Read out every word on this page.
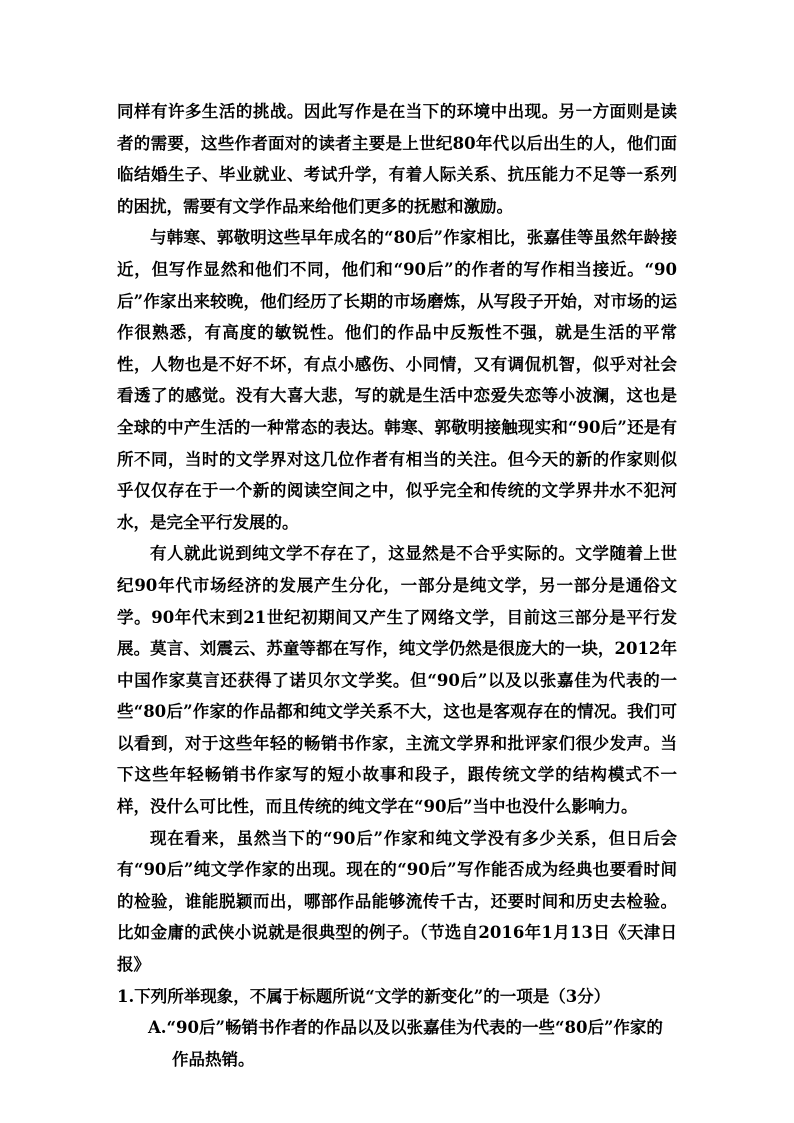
同样有许多生活的挑战。因此写作是在当下的环境中出现。另一方面则是读者的需要，这些作者面对的读者主要是上世纪80年代以后出生的人，他们面临结婚生子、毕业就业、考试升学，有着人际关系、抗压能力不足等一系列的困扰，需要有文学作品来给他们更多的抚慰和激励。

与韩寒、郭敬明这些早年成名的“80后”作家相比，张嘉佳等虽然年龄接近，但写作显然和他们不同，他们和“90后”的作者的写作相当接近。“90后”作家出来较晚，他们经历了长期的市场磨炼，从写段子开始，对市场的运作很熟悉，有高度的敏锐性。他们的作品中反叛性不强，就是生活的平常性，人物也是不好不坏，有点小感伤、小同情，又有调侃机智，似乎对社会看透了的感觉。没有大喜大悲，写的就是生活中恋爱失恋等小波澜，这也是全球的中产生活的一种常态的表达。韩寒、郭敬明接触现实和“90后”还是有所不同，当时的文学界对这几位作者有相当的关注。但今天的新的作家则似乎仅仅存在于一个新的阅读空间之中，似乎完全和传统的文学界井水不犯河水，是完全平行发展的。

有人就此说到纯文学不存在了，这显然是不合乎实际的。文学随着上世纪90年代市场经济的发展产生分化，一部分是纯文学，另一部分是通俗文学。90年代末到21世纪初期间又产生了网络文学，目前这三部分是平行发展。莫言、刘震云、苏童等都在写作，纯文学仍然是很庞大的一块，2012年中国作家莫言还获得了诺贝尔文学奖。但“90后”以及以张嘉佳为代表的一些“80后”作家的作品都和纯文学关系不大，这也是客观存在的情况。我们可以看到，对于这些年轻的畅销书作家，主流文学界和批评家们很少发声。当下这些年轻畅销书作家写的短小故事和段子，跟传统文学的结构模式不一样，没什么可比性，而且传统的纯文学在“90后”当中也没什么影响力。

现在看来，虽然当下的“90后”作家和纯文学没有多少关系，但日后会有“90后”纯文学作家的出现。现在的“90后”写作能否成为经典也要看时间的检验，谁能脱颖而出，哪部作品能够流传千古，还要时间和历史去检验。比如金庸的武侠小说就是很典型的例子。（节选自2016年1月13日《天津日报》

1.下列所举现象，不属于标题所说“文学的新变化”的一项是（3分）

A.“90后”畅销书作者的作品以及以张嘉佳为代表的一些“80后”作家的
作品热销。
